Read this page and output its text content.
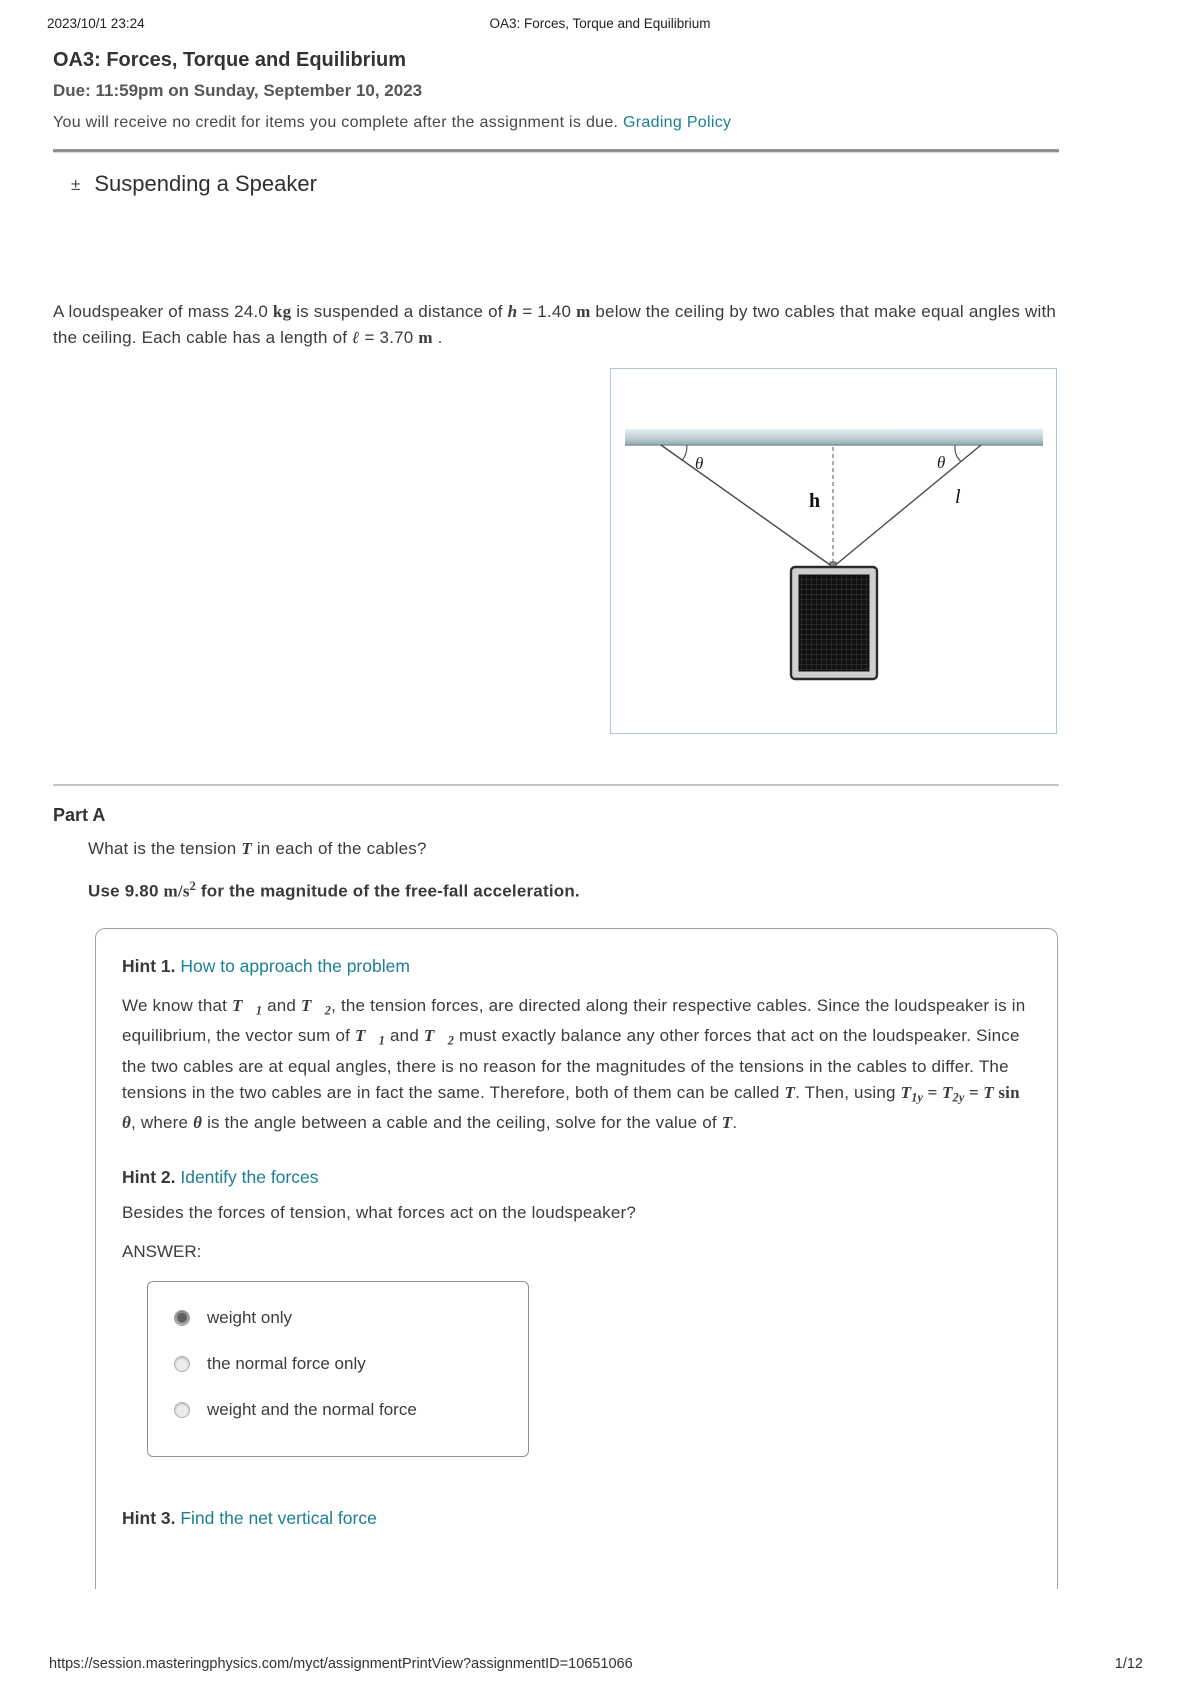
2023/10/1 23:24	OA3: Forces, Torque and Equilibrium
OA3: Forces, Torque and Equilibrium
Due: 11:59pm on Sunday, September 10, 2023
You will receive no credit for items you complete after the assignment is due. Grading Policy
± Suspending a Speaker

A loudspeaker of mass 24.0 kg is suspended a distance of h = 1.40 m below the ceiling by two cables that make equal angles with the ceiling. Each cable has a length of ℓ = 3.70 m .

θ	θ
h	l
Part A

What is the tension T in each of the cables?

Use 9.80 $m/s^2$ for the magnitude of the free-fall acceleration.

Hint 1. How to approach the problem

We know that $T⃗_1$ and $T⃗_2$, the tension forces, are directed along their respective cables. Since the loudspeaker is in equilibrium, the vector sum of $T⃗_1$ and $T⃗_2$ must exactly balance any other forces that act on the loudspeaker. Since the two cables are at equal angles, there is no reason for the magnitudes of the tensions in the cables to differ. The tensions in the two cables are in fact the same. Therefore, both of them can be called T. Then, using $T_{1y} = T_{2y} = T$ sin θ, where θ is the angle between a cable and the ceiling, solve for the value of T.

Hint 2. Identify the forces

Besides the forces of tension, what forces act on the loudspeaker?

ANSWER:
weight only
the normal force only
weight and the normal force
Hint 3. Find the net vertical force
https://session.masteringphysics.com/myct/assignmentPrintView?assignmentID=10651066	1/12
